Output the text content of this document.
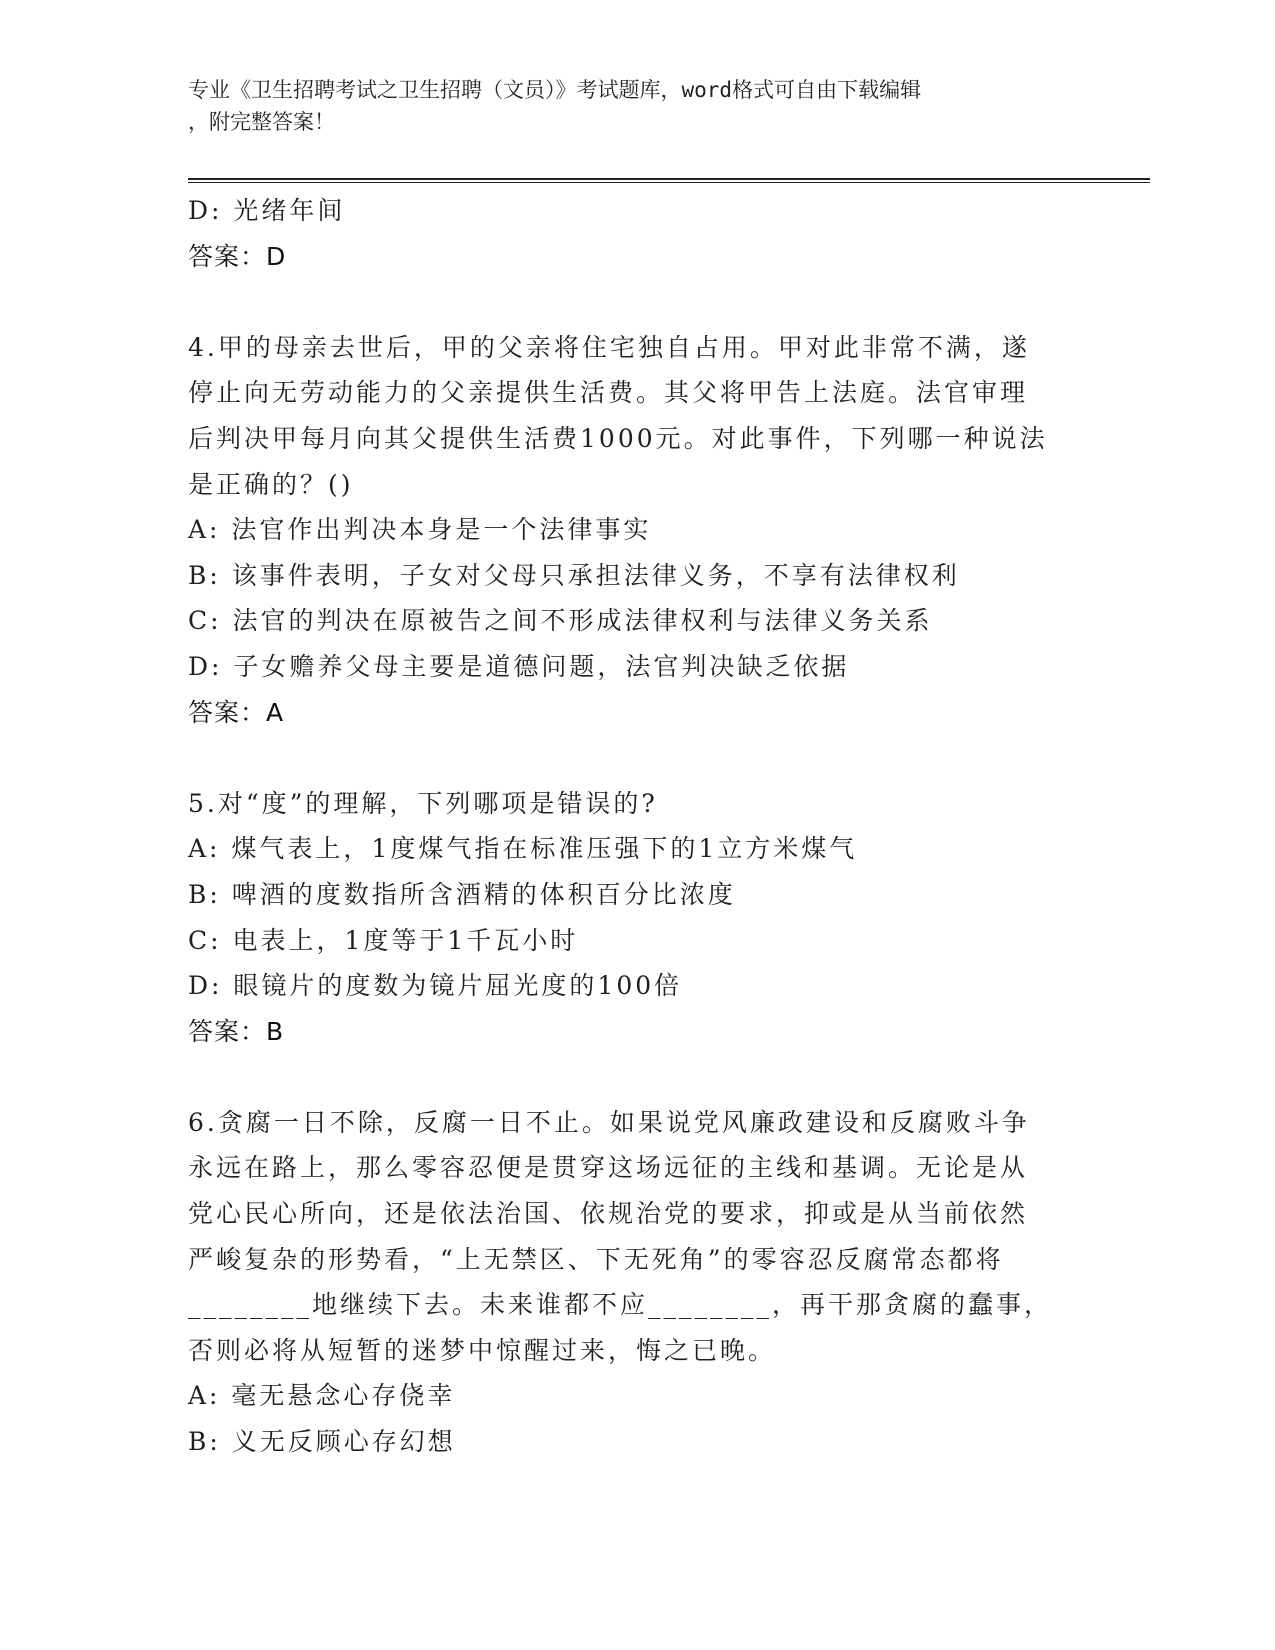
专业《卫生招聘考试之卫生招聘（文员）》考试题库，word格式可自由下载编辑
，附完整答案！
D: 光绪年间
答案：D
4.甲的母亲去世后，甲的父亲将住宅独自占用。甲对此非常不满，遂
停止向无劳动能力的父亲提供生活费。其父将甲告上法庭。法官审理
后判决甲每月向其父提供生活费1000元。对此事件，下列哪一种说法
是正确的？()
A: 法官作出判决本身是一个法律事实
B: 该事件表明，子女对父母只承担法律义务，不享有法律权利
C: 法官的判决在原被告之间不形成法律权利与法律义务关系
D: 子女赡养父母主要是道德问题，法官判决缺乏依据
答案：A
5.对“度”的理解，下列哪项是错误的?
A: 煤气表上，1度煤气指在标准压强下的1立方米煤气
B: 啤酒的度数指所含酒精的体积百分比浓度
C: 电表上，1度等于1千瓦小时
D: 眼镜片的度数为镜片屈光度的100倍
答案：B
6.贪腐一日不除，反腐一日不止。如果说党风廉政建设和反腐败斗争
永远在路上，那么零容忍便是贯穿这场远征的主线和基调。无论是从
党心民心所向，还是依法治国、依规治党的要求，抑或是从当前依然
严峻复杂的形势看，“上无禁区、下无死角”的零容忍反腐常态都将
________地继续下去。未来谁都不应________，再干那贪腐的蠢事，
否则必将从短暂的迷梦中惊醒过来，悔之已晚。
A: 毫无悬念心存侥幸
B: 义无反顾心存幻想
